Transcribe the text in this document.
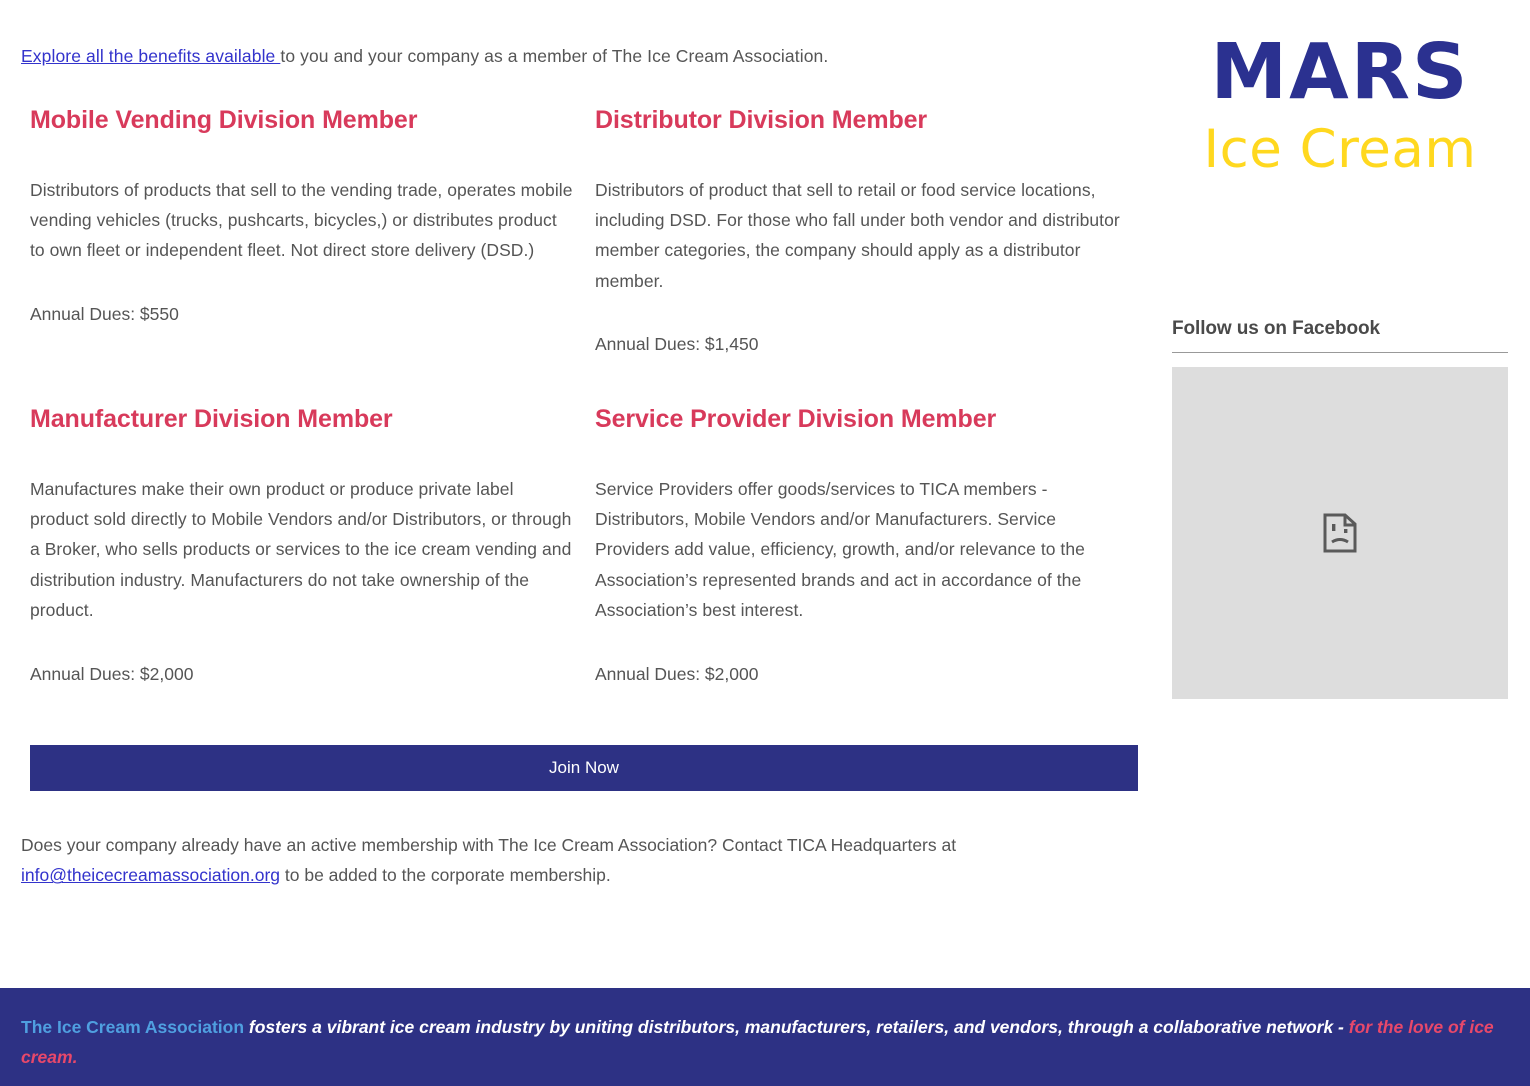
Explore all the benefits available to you and your company as a member of The Ice Cream Association.

Mobile Vending Division Member

Distributors of products that sell to the vending trade, operates mobile vending vehicles (trucks, pushcarts, bicycles,) or distributes product to own fleet or independent fleet. Not direct store delivery (DSD.)

Annual Dues: $550

Distributor Division Member

Distributors of product that sell to retail or food service locations, including DSD. For those who fall under both vendor and distributor member categories, the company should apply as a distributor member.

Annual Dues: $1,450

Manufacturer Division Member

Manufactures make their own product or produce private label product sold directly to Mobile Vendors and/or Distributors, or through a Broker, who sells products or services to the ice cream vending and distribution industry. Manufacturers do not take ownership of the product.

Annual Dues: $2,000

Service Provider Division Member

Service Providers offer goods/services to TICA members - Distributors, Mobile Vendors and/or Manufacturers. Service Providers add value, efficiency, growth, and/or relevance to the Association’s represented brands and act in accordance of the Association’s best interest.

Annual Dues: $2,000

Join Now

Does your company already have an active membership with The Ice Cream Association? Contact TICA Headquarters at info@theicecreamassociation.org to be added to the corporate membership.

MARS
Ice Cream
Follow us on Facebook

The Ice Cream Association fosters a vibrant ice cream industry by uniting distributors, manufacturers, retailers, and vendors, through a collaborative network - for the love of ice cream.
